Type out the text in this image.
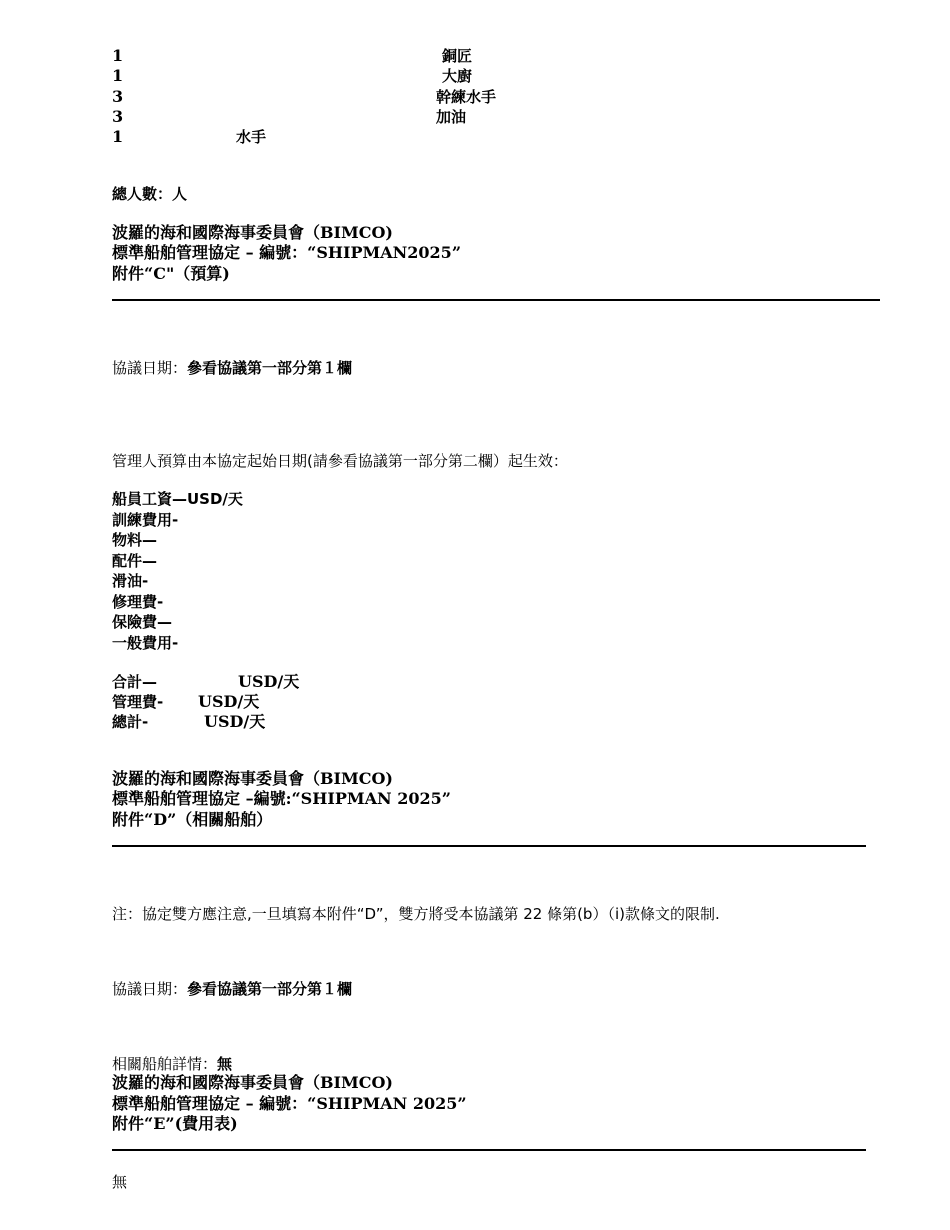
1	銅匠
1	大廚
3	幹練水手
3	加油
1	水手
總人數：人
波羅的海和國際海事委員會（BIMCO)
標準船舶管理協定 – 編號：“SHIPMAN2025”
附件“C"（預算)
協議日期：參看協議第一部分第１欄
管理人預算由本協定起始日期(請參看協議第一部分第二欄）起生效：
船員工資—USD/天
訓練費用-
物料—
配件—
滑油-
修理費-
保險費—
一般費用-
合計—	USD/天
管理費- USD/天
總計-	USD/天
波羅的海和國際海事委員會（BIMCO)
標準船舶管理協定 –編號:“SHIPMAN 2025”
附件“D”（相關船舶）
注：協定雙方應注意,一旦填寫本附件“D”，雙方將受本協議第 22 條第(b）（i)款條文的限制.
協議日期：參看協議第一部分第１欄
相關船舶詳情：無
波羅的海和國際海事委員會（BIMCO)
標準船舶管理協定 – 編號：“SHIPMAN 2025”
附件“E”(費用表)
無
